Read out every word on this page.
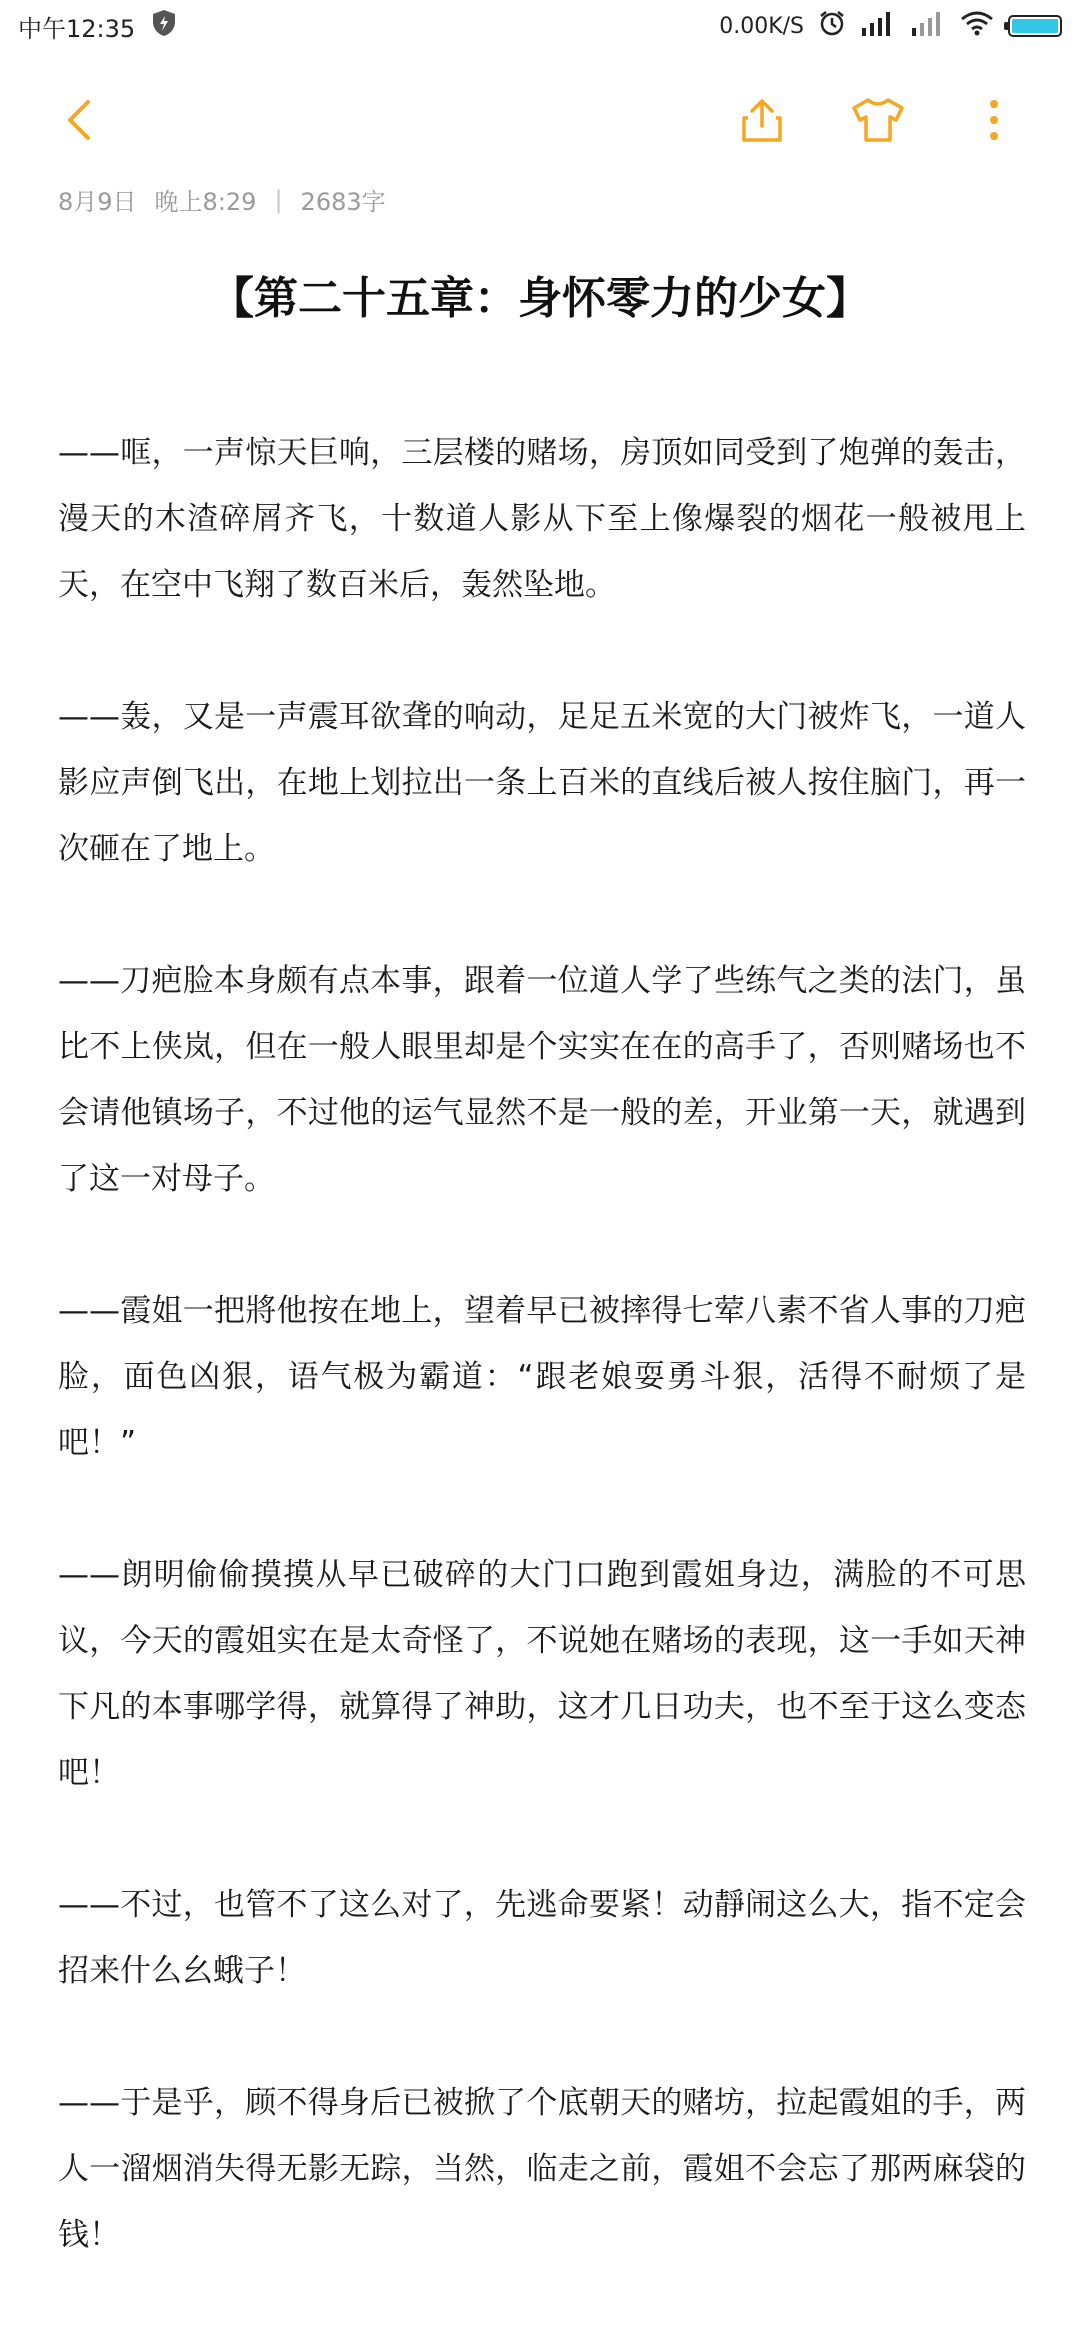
中午12:35	0.00K/S
8月9日 晚上8:29 | 2683字
【第二十五章：身怀零力的少女】

——哐，一声惊天巨响，三层楼的赌场，房顶如同受到了炮弹的轰击，漫天的木渣碎屑齐飞，十数道人影从下至上像爆裂的烟花一般被甩上天，在空中飞翔了数百米后，轰然坠地。

——轰，又是一声震耳欲聋的响动，足足五米宽的大门被炸飞，一道人影应声倒飞出，在地上划拉出一条上百米的直线后被人按住脑门，再一次砸在了地上。

——刀疤脸本身颇有点本事，跟着一位道人学了些练气之类的法门，虽比不上侠岚，但在一般人眼里却是个实实在在的高手了，否则赌场也不会请他镇场子，不过他的运气显然不是一般的差，开业第一天，就遇到了这一对母子。

——霞姐一把將他按在地上，望着早已被摔得七荤八素不省人事的刀疤脸，面色凶狠，语气极为霸道：“跟老娘耍勇斗狠，活得不耐烦了是吧！”

——朗明偷偷摸摸从早已破碎的大门口跑到霞姐身边，满脸的不可思议，今天的霞姐实在是太奇怪了，不说她在赌场的表现，这一手如天神下凡的本事哪学得，就算得了神助，这才几日功夫，也不至于这么变态吧！

——不过，也管不了这么对了，先逃命要紧！动靜闹这么大，指不定会招来什么幺蛾子！

——于是乎，顾不得身后已被掀了个底朝天的赌坊，拉起霞姐的手，两人一溜烟消失得无影无踪，当然，临走之前，霞姐不会忘了那两麻袋的钱！
